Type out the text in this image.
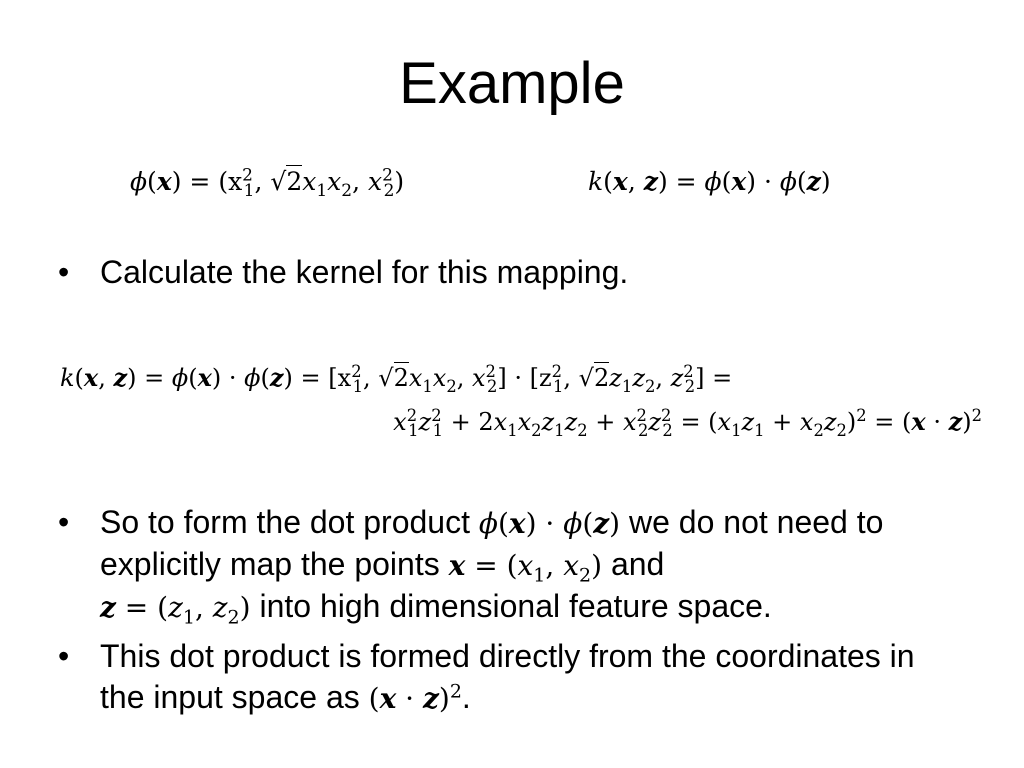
Example
$\phi(x) = (x^2_1$, $√2x_1x_2$, $x^2_2$)	k(x, z) = ϕ(x) · ϕ(z)
• Calculate the kernel for this mapping.
k(x, $z) = \phi(x) \cdot \phi(z) = [x^2_1$, $√2x_1x_2$, $x^2_2] \cdot [z^2_1$, $√2z_1z_2$, $z^2_2$] =
$x^2_1z^2_1 + 2x_1x_2z_1z_2 + x^2_2z^2_2 = (x_1z_1 + x_2z_2)^2 = (x \cdot z)^2$
• So to form the dot product ϕ(x) · ϕ(z) we do not need to explicitly map the points $x = (x_1$, $x_2$) and
$z = (z_1$, $z_2$) into high dimensional feature space.
• This dot product is formed directly from the coordinates in the input space as $(x \cdot z)^2$.
